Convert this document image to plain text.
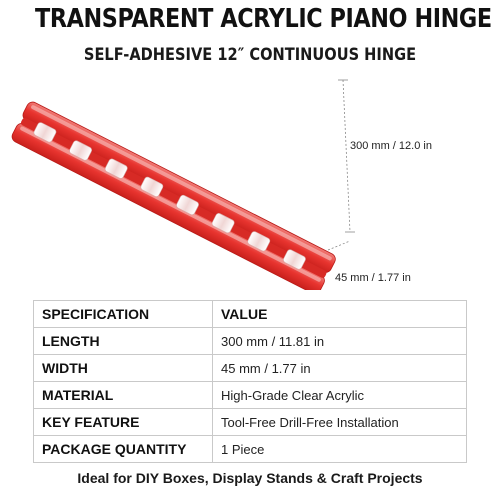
TRANSPARENT ACRYLIC PIANO HINGE
SELF-ADHESIVE 12″ CONTINUOUS HINGE
300 mm / 12.0 in
45 mm / 1.77 in
SPECIFICATION	VALUE
LENGTH	300 mm / 11.81 in
WIDTH	45 mm / 1.77 in
MATERIAL	High-Grade Clear Acrylic
KEY FEATURE	Tool-Free Drill-Free Installation
PACKAGE QUANTITY	1 Piece
Ideal for DIY Boxes, Display Stands & Craft Projects
